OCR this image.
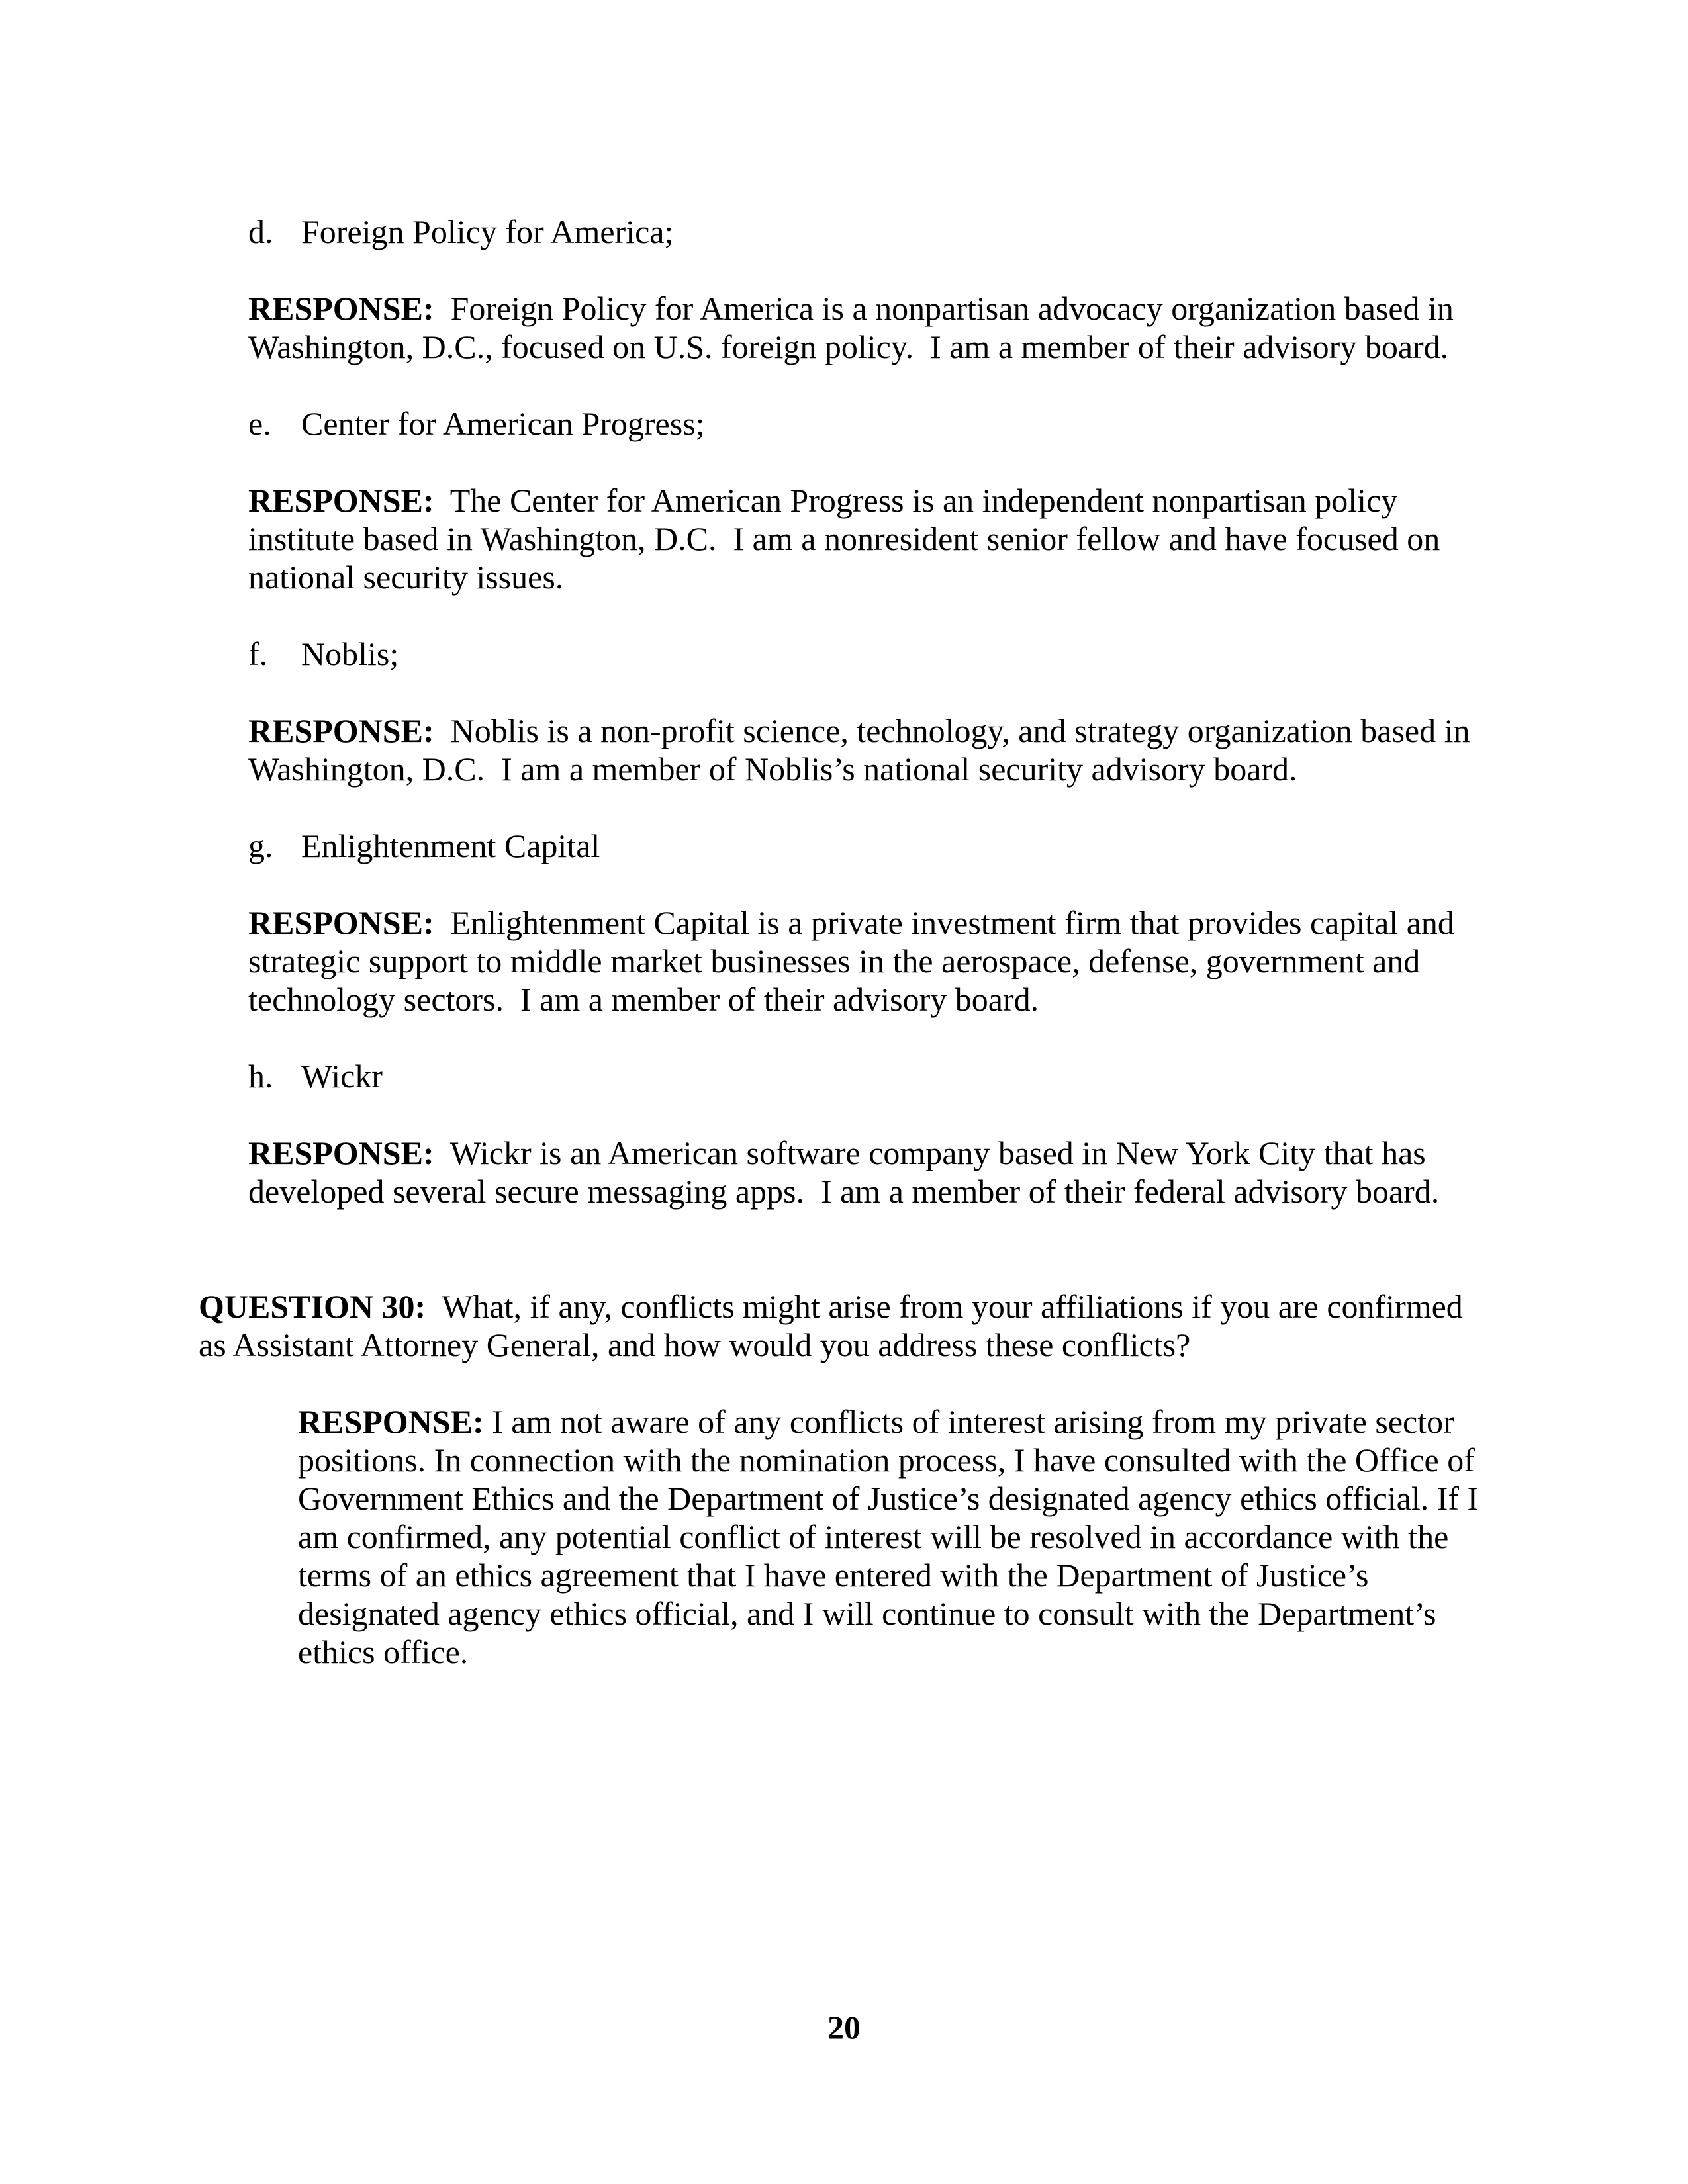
d. Foreign Policy for America;

RESPONSE:  Foreign Policy for America is a nonpartisan advocacy organization based in Washington, D.C., focused on U.S. foreign policy.  I am a member of their advisory board.

e. Center for American Progress;

RESPONSE:  The Center for American Progress is an independent nonpartisan policy institute based in Washington, D.C.  I am a nonresident senior fellow and have focused on national security issues.

f. Noblis;

RESPONSE:  Noblis is a non-profit science, technology, and strategy organization based in Washington, D.C.  I am a member of Noblis’s national security advisory board.

g. Enlightenment Capital

RESPONSE:  Enlightenment Capital is a private investment firm that provides capital and strategic support to middle market businesses in the aerospace, defense, government and technology sectors.  I am a member of their advisory board.

h. Wickr

RESPONSE:  Wickr is an American software company based in New York City that has developed several secure messaging apps.  I am a member of their federal advisory board.

QUESTION 30:  What, if any, conflicts might arise from your affiliations if you are confirmed as Assistant Attorney General, and how would you address these conflicts?

RESPONSE: I am not aware of any conflicts of interest arising from my private sector positions. In connection with the nomination process, I have consulted with the Office of Government Ethics and the Department of Justice’s designated agency ethics official. If I am confirmed, any potential conflict of interest will be resolved in accordance with the terms of an ethics agreement that I have entered with the Department of Justice’s designated agency ethics official, and I will continue to consult with the Department’s ethics office.

20
